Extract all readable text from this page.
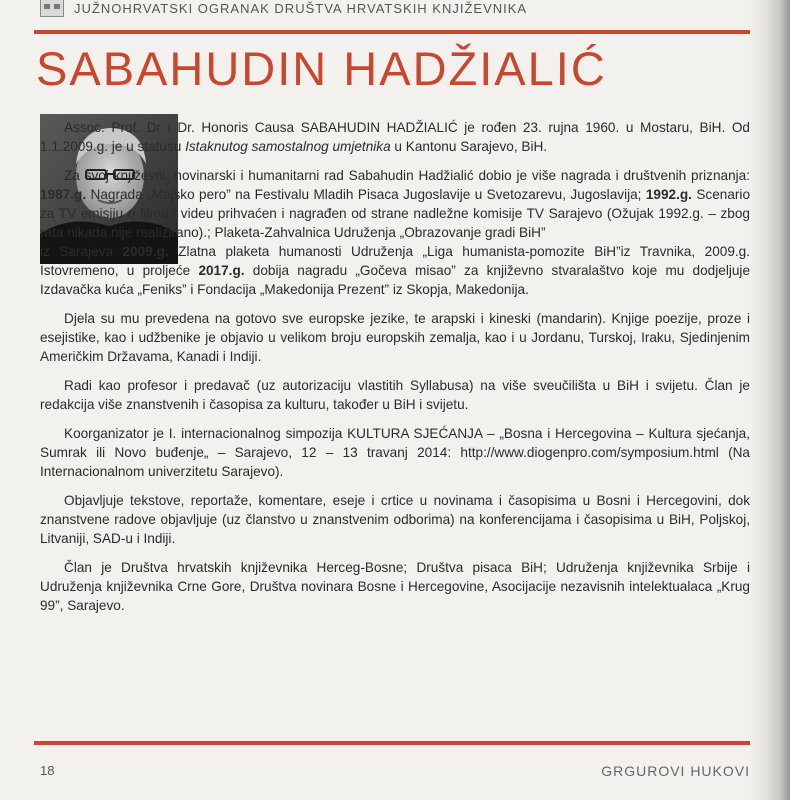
JUŽNOHRVATSKI OGRANAK DRUŠTVA HRVATSKIH KNJIŽEVNIKA
SABAHUDIN HADŽIALIĆ

Assoc. Prof. Dr i Dr. Honoris Causa SABAHUDIN HADŽIALIĆ je rođen 23. rujna 1960. u Mostaru, BiH. Od 1.1.2009.g. je u statusu Istaknutog samostalnog umjetnika u Kantonu Sarajevo, BiH.

Za svoj književni, novinarski i humanitarni rad Sabahudin Hadžialić dobio je više nagrada i društvenih priznanja: 1987.g. Nagrada „Majsko pero” na Festivalu Mladih Pisaca Jugoslavije u Svetozarevu, Jugoslavija; 1992.g. Scenario za TV emisiju o filmu i videu prihvaćen i nagrađen od strane nadležne komisije TV Sarajevo (Ožujak 1992.g. – zbog rata nikada nije realizirano).; Plaketa-Zahvalnica Udruženja „Obrazovanje gradi BiH”

iz Sarajeva 2009.g. Zlatna plaketa humanosti Udruženja „Liga humanista-pomozite BiH”iz Travnika, 2009.g. Istovremeno, u proljeće 2017.g. dobija nagradu „Gočeva misao” za književno stvaralaštvo koje mu dodjeljuje Izdavačka kuća „Feniks” i Fondacija „Makedonija Prezent” iz Skopja, Makedonija.

Djela su mu prevedena na gotovo sve europske jezike, te arapski i kineski (mandarin). Knjige poezije, proze i esejistike, kao i udžbenike je objavio u velikom broju europskih zemalja, kao i u Jordanu, Turskoj, Iraku, Sjedinjenim Američkim Državama, Kanadi i Indiji.

Radi kao profesor i predavač (uz autorizaciju vlastitih Syllabusa) na više sveučilišta u BiH i svijetu. Član je redakcija više znanstvenih i časopisa za kulturu, također u BiH i svijetu.

Koorganizator je I. internacionalnog simpozija KULTURA SJEĆANJA – „Bosna i Hercegovina – Kultura sjećanja, Sumrak ili Novo buđenje„ – Sarajevo, 12 – 13 travanj 2014: http://www.diogenpro.com/symposium.html (Na Internacionalnom univerzitetu Sarajevo).

Objavljuje tekstove, reportaže, komentare, eseje i crtice u novinama i časopisima u Bosni i Hercegovini, dok znanstvene radove objavljuje (uz članstvo u znanstvenim odborima) na konferencijama i časopisima u BiH, Poljskoj, Litvaniji, SAD-u i Indiji.

Član je Društva hrvatskih književnika Herceg-Bosne; Društva pisaca BiH; Udruženja književnika Srbije i Udruženja književnika Crne Gore, Društva novinara Bosne i Hercegovine, Asocijacije nezavisnih intelektualaca „Krug 99”, Sarajevo.

18	GRGUROVI HUKOVI
